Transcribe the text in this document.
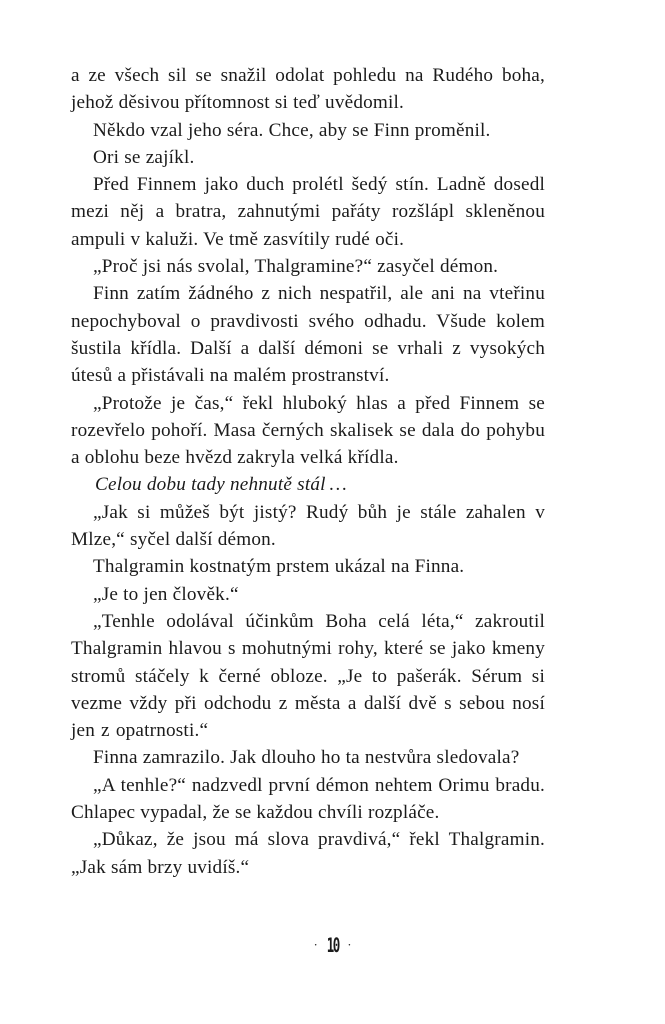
a ze všech sil se snažil odolat pohledu na Rudého boha, jehož děsivou přítomnost si teď uvědomil.

Někdo vzal jeho séra. Chce, aby se Finn proměnil.

Ori se zajíkl.

Před Finnem jako duch prolétl šedý stín. Ladně dosedl mezi něj a bratra, zahnutými pařáty rozšlápl skleněnou ampuli v kaluži. Ve tmě zasvítily rudé oči.

„Proč jsi nás svolal, Thalgramine?“ zasyčel démon.

Finn zatím žádného z nich nespatřil, ale ani na vteřinu nepochyboval o pravdivosti svého odhadu. Všude kolem šustila křídla. Další a další démoni se vrhali z vysokých útesů a přistávali na malém prostranství.

„Protože je čas,“ řekl hluboký hlas a před Finnem se rozevřelo pohoří. Masa černých skalisek se dala do pohybu a oblohu beze hvězd zakryla velká křídla.

Celou dobu tady nehnutě stál …

„Jak si můžeš být jistý? Rudý bůh je stále zahalen v Mlze,“ syčel další démon.

Thalgramin kostnatým prstem ukázal na Finna.

„Je to jen člověk.“

„Tenhle odolával účinkům Boha celá léta,“ zakroutil Thalgramin hlavou s mohutnými rohy, které se jako kmeny stromů stáčely k černé obloze. „Je to pašerák. Sérum si vezme vždy při odchodu z města a další dvě s sebou nosí jen z opatrnosti.“

Finna zamrazilo. Jak dlouho ho ta nestvůra sledovala?

„A tenhle?“ nadzvedl první démon nehtem Orimu bradu. Chlapec vypadal, že se každou chvíli rozpláče.

„Důkaz, že jsou má slova pravdivá,“ řekl Thalgramin. „Jak sám brzy uvidíš.“

· 10 ·
